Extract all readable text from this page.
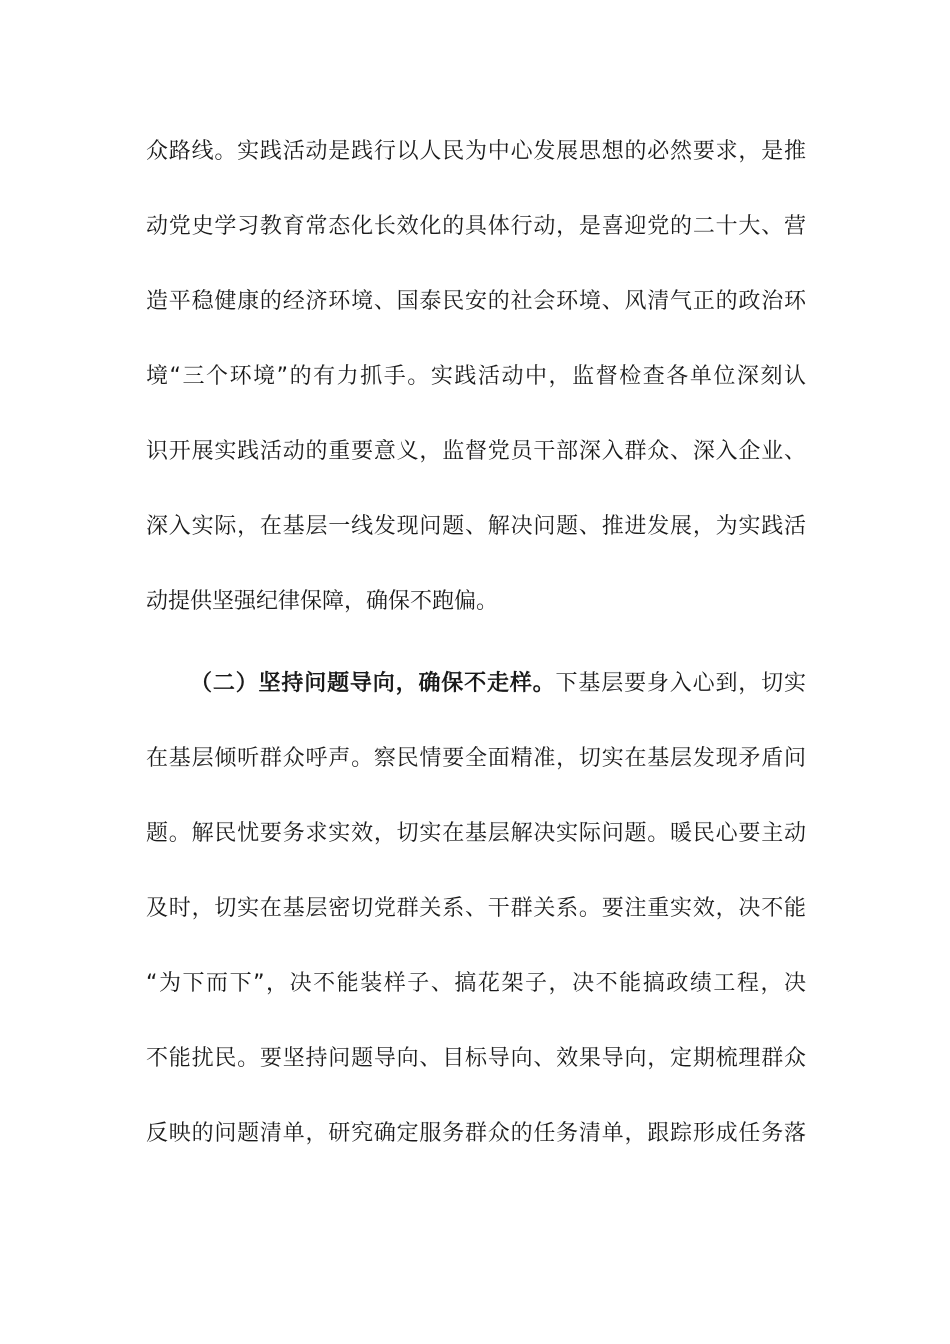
众路线。实践活动是践行以人民为中心发展思想的必然要求，是推
动党史学习教育常态化长效化的具体行动，是喜迎党的二十大、营
造平稳健康的经济环境、国泰民安的社会环境、风清气正的政治环
境“三个环境”的有力抓手。实践活动中，监督检查各单位深刻认
识开展实践活动的重要意义，监督党员干部深入群众、深入企业、
深入实际，在基层一线发现问题、解决问题、推进发展，为实践活
动提供坚强纪律保障，确保不跑偏。
（二）坚持问题导向，确保不走样。下基层要身入心到，切实
在基层倾听群众呼声。察民情要全面精准，切实在基层发现矛盾问
题。解民忧要务求实效，切实在基层解决实际问题。暖民心要主动
及时，切实在基层密切党群关系、干群关系。要注重实效，决不能
“为下而下”，决不能装样子、搞花架子，决不能搞政绩工程，决
不能扰民。要坚持问题导向、目标导向、效果导向，定期梳理群众
反映的问题清单，研究确定服务群众的任务清单，跟踪形成任务落
